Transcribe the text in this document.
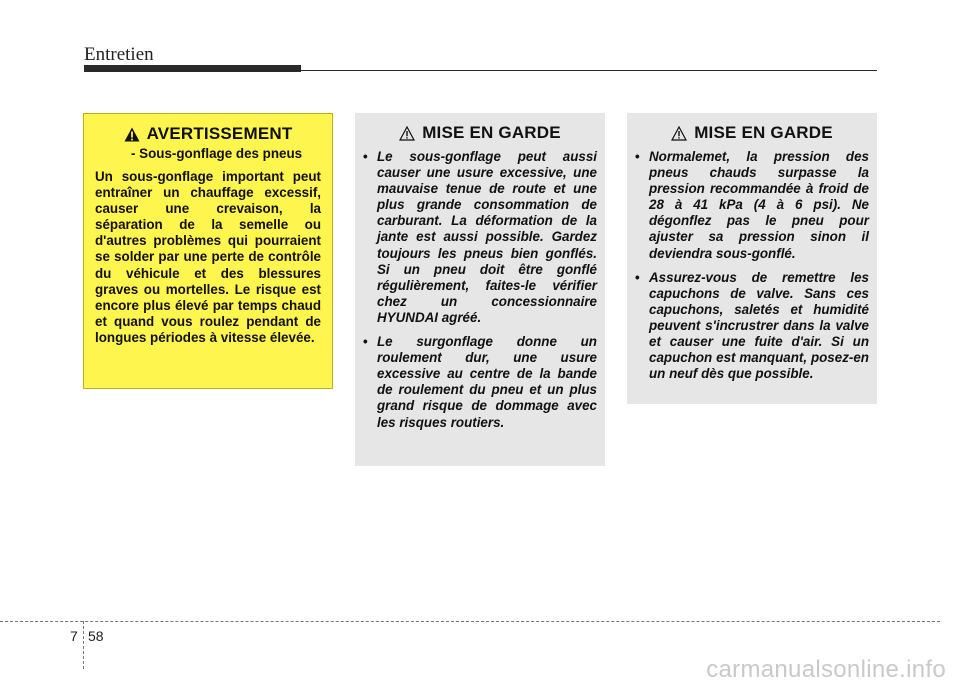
Entretien
AVERTISSEMENT
- Sous-gonflage des pneus
Un sous-gonflage important peut entraîner un chauffage excessif, causer une crevaison, la séparation de la semelle ou d'autres problèmes qui pourraient se solder par une perte de contrôle du véhicule et des blessures graves ou mortelles. Le risque est encore plus élevé par temps chaud et quand vous roulez pendant de longues périodes à vitesse élevée.
MISE EN GARDE
• Le sous-gonflage peut aussi causer une usure excessive, une mauvaise tenue de route et une plus grande consommation de carburant. La déformation de la jante est aussi possible. Gardez toujours les pneus bien gonflés. Si un pneu doit être gonflé régulièrement, faites-le vérifier chez un concessionnaire HYUNDAI agréé.
• Le surgonflage donne un roulement dur, une usure excessive au centre de la bande de roulement du pneu et un plus grand risque de dommage avec les risques routiers.
MISE EN GARDE
• Normalemet, la pression des pneus chauds surpasse la pression recommandée à froid de 28 à 41 kPa (4 à 6 psi). Ne dégonflez pas le pneu pour ajuster sa pression sinon il deviendra sous-gonflé.
• Assurez-vous de remettre les capuchons de valve. Sans ces capuchons, saletés et humidité peuvent s'incrustrer dans la valve et causer une fuite d'air. Si un capuchon est manquant, posez-en un neuf dès que possible.
7 58
carmanualsonline.info
